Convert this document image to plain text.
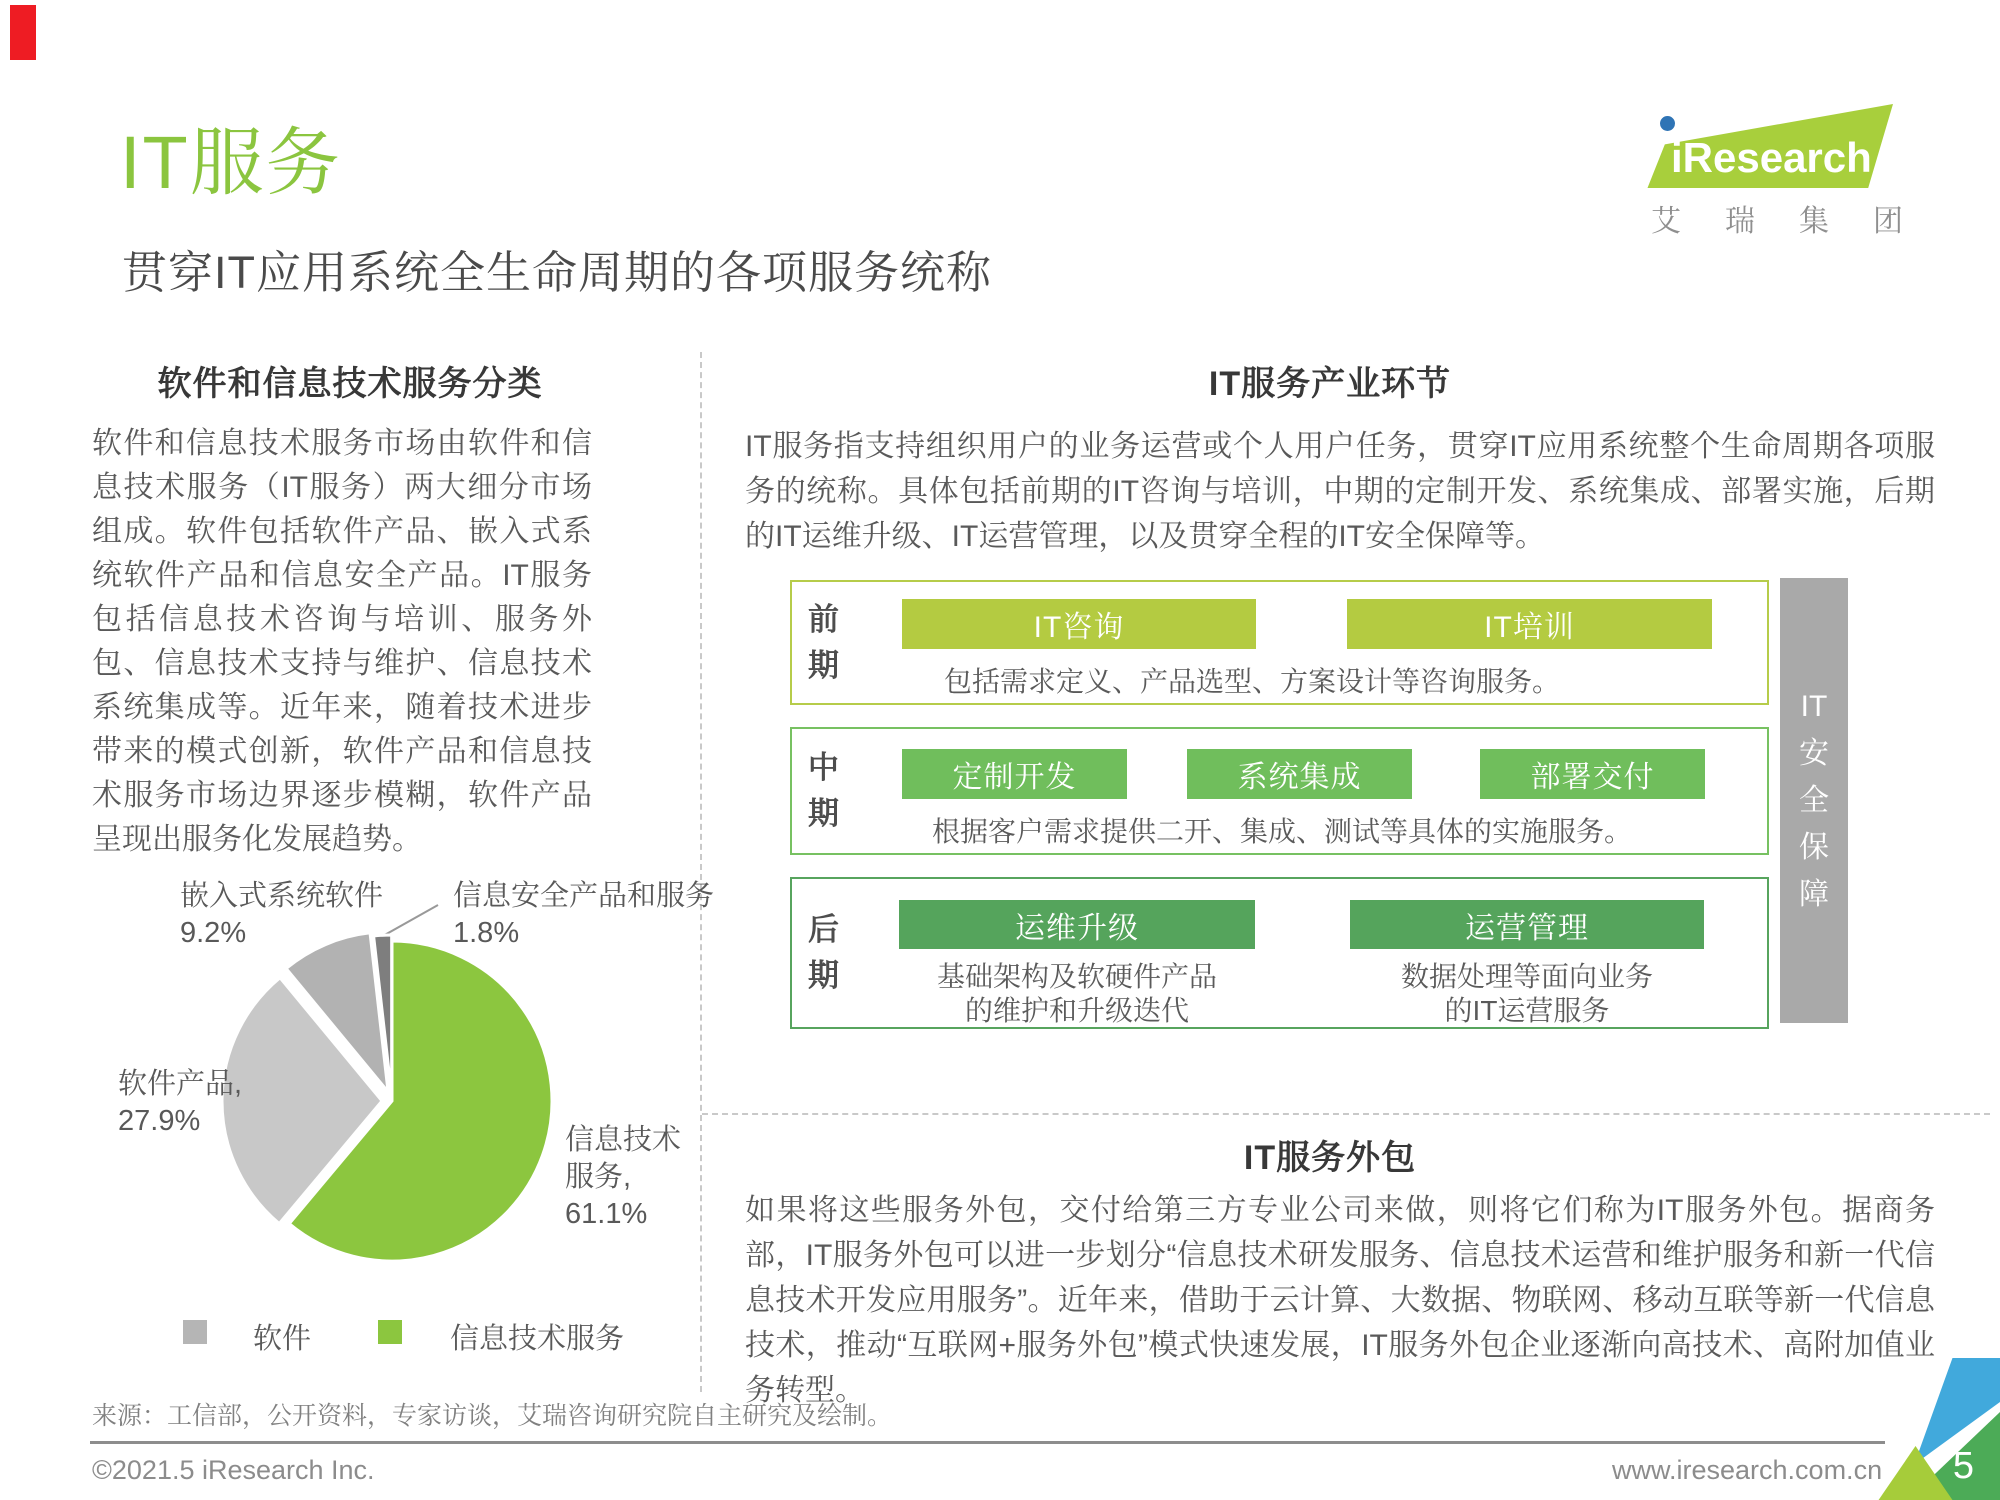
IT服务	iResearch
艾瑞集团
贯穿IT应用系统全生命周期的各项服务统称
软件和信息技术服务分类
软件和信息技术服务市场由软件和信息技术服务（IT服务）两大细分市场组成。软件包括软件产品、嵌入式系统软件产品和信息安全产品。IT服务包括信息技术咨询与培训、服务外包、信息技术支持与维护、信息技术系统集成等。近年来，随着技术进步带来的模式创新，软件产品和信息技术服务市场边界逐步模糊，软件产品呈现出服务化发展趋势。
嵌入式系统软件
9.2%
信息安全产品和服务
1.8%
软件产品,
27.9%
信息技术
服务,
61.1%
软件	信息技术服务
IT服务产业环节
IT服务指支持组织用户的业务运营或个人用户任务，贯穿IT应用系统整个生命周期各项服务的统称。具体包括前期的IT咨询与培训，中期的定制开发、系统集成、部署实施，后期的IT运维升级、IT运营管理，以及贯穿全程的IT安全保障等。
前期
IT咨询	IT培训
包括需求定义、产品选型、方案设计等咨询服务。
中期
定制开发	系统集成	部署交付
根据客户需求提供二开、集成、测试等具体的实施服务。
后期
运维升级	运营管理
基础架构及软硬件产品
的维护和升级迭代
数据处理等面向业务
的IT运营服务
IT
安
全
保
障
IT服务外包
如果将这些服务外包，交付给第三方专业公司来做，则将它们称为IT服务外包。据商务部，IT服务外包可以进一步划分“信息技术研发服务、信息技术运营和维护服务和新一代信息技术开发应用服务”。近年来，借助于云计算、大数据、物联网、移动互联等新一代信息技术，推动“互联网+服务外包”模式快速发展，IT服务外包企业逐渐向高技术、高附加值业务转型。
来源：工信部，公开资料，专家访谈，艾瑞咨询研究院自主研究及绘制。
©2021.5 iResearch Inc.	www.iresearch.com.cn 5
